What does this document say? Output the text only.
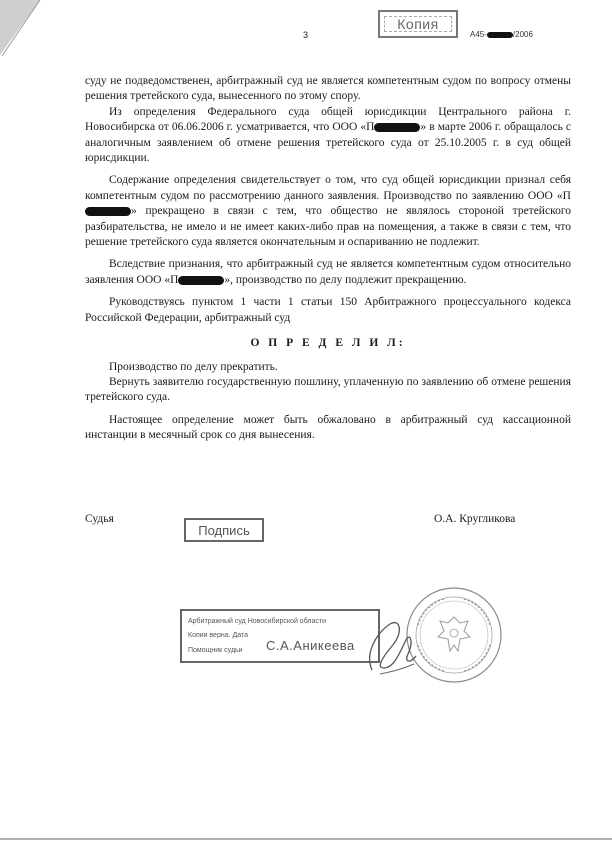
Копия
3	А45-	/2006

суду не подведомственен, арбитражный суд не является компетентным судом по вопросу отмены решения третейского суда, вынесенного по этому спору.

Из определения Федерального суда общей юрисдикции Центрального района г. Новосибирска от 06.06.2006 г. усматривается, что ООО «П	» в марте 2006 г. обращалось с аналогичным заявлением об отмене решения третейского суда от 25.10.2005 г. в суд общей юрисдикции.

Содержание определения свидетельствует о том, что суд общей юрисдикции признал себя компетентным судом по рассмотрению данного заявления. Производство по заявлению ООО «П» прекращено в связи с тем, что общество не являлось стороной третейского разбирательства, не имело и не имеет каких-либо прав на помещения, а также в связи с тем, что решение третейского суда является окончательным и оспариванию не подлежит.

Вследствие признания, что арбитражный суд не является компетентным судом относительно заявления ООО «П	», производство по делу подлежит прекращению.

Руководствуясь пунктом 1 части 1 статьи 150 Арбитражного процессуального кодекса Российской Федерации, арбитражный суд

О П Р Е Д Е Л И Л:

Производство по делу прекратить.

Вернуть заявителю государственную пошлину, уплаченную по заявлению об отмене решения третейского суда.

Настоящее определение может быть обжаловано в арбитражный суд кассационной инстанции в месячный срок со дня вынесения.

Судья	О.А. Кругликова
Подпись
Арбитражный суд Новосибирской области
Копия верна. Дата
Помощник судьи С.А.Аникеева
